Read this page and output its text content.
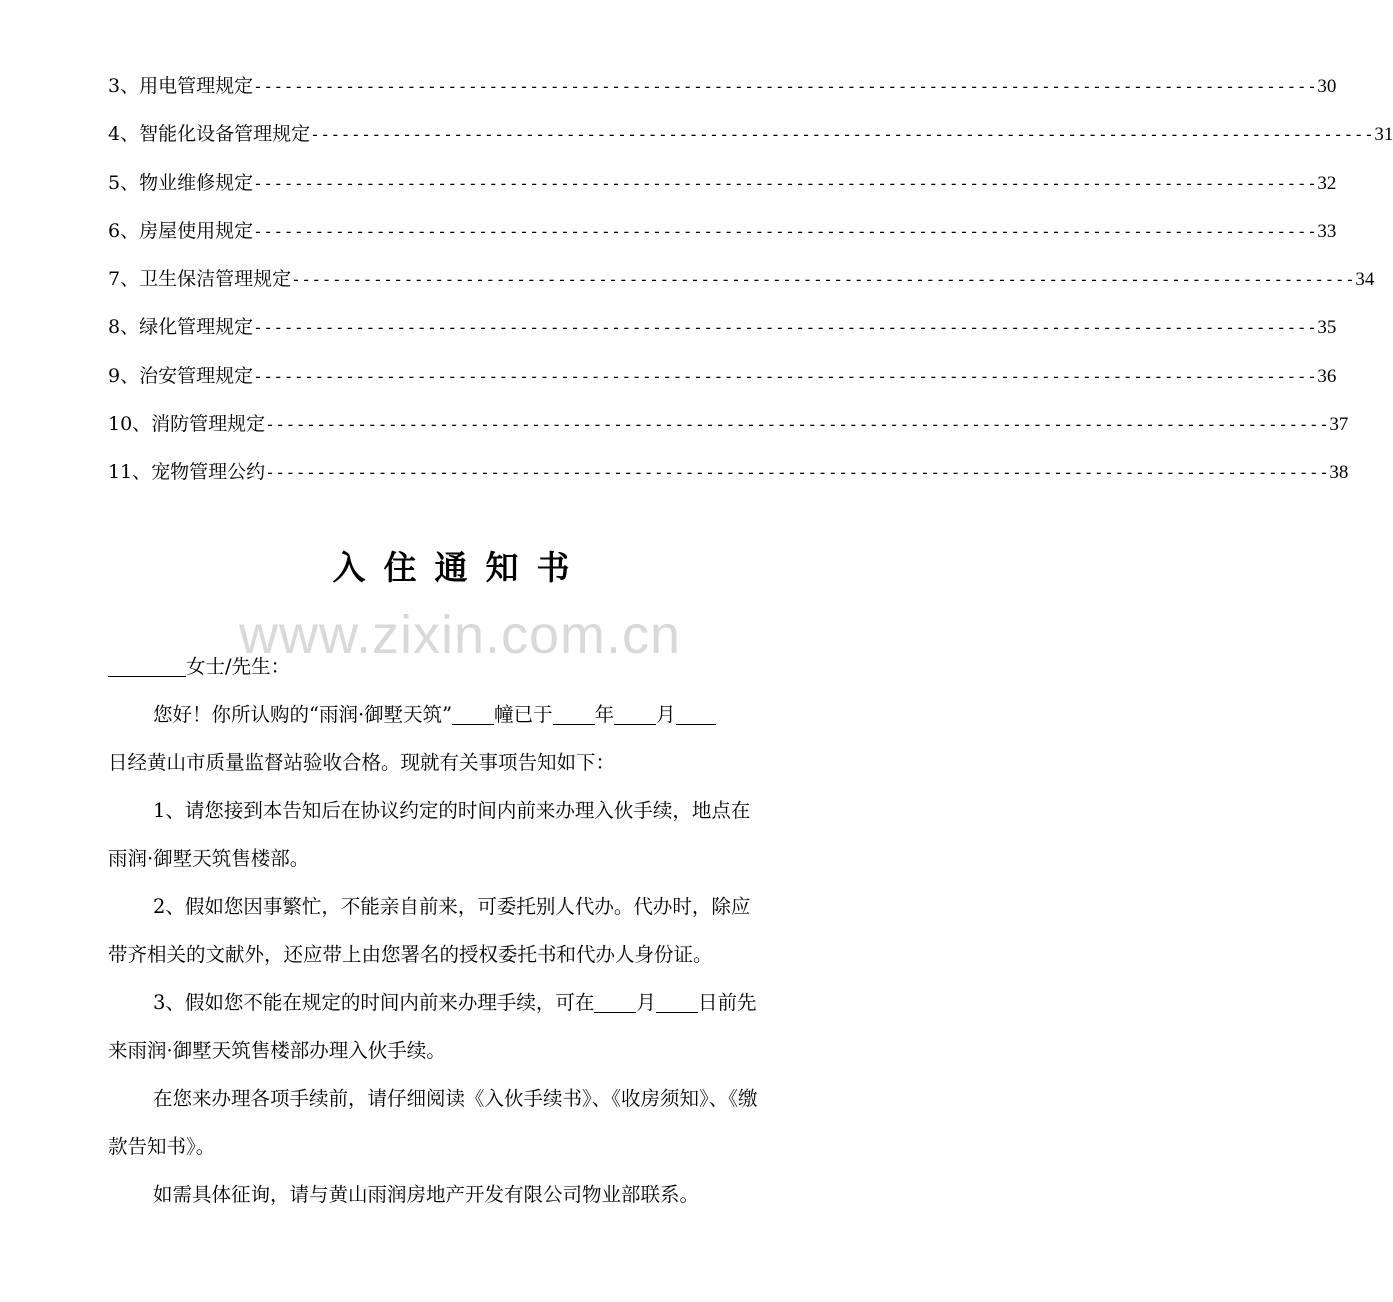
3、用电管理规定 -------------------------------------------------------------------------------------------------------- 30
4、智能化设备管理规定 -------------------------------------------------------------------------------------------------------- 31
5、物业维修规定 -------------------------------------------------------------------------------------------------------- 32
6、房屋使用规定 -------------------------------------------------------------------------------------------------------- 33
7、卫生保洁管理规定 -------------------------------------------------------------------------------------------------------- 34
8、绿化管理规定 -------------------------------------------------------------------------------------------------------- 35
9、治安管理规定 -------------------------------------------------------------------------------------------------------- 36
10、消防管理规定 -------------------------------------------------------------------------------------------------------- 37
11、宠物管理公约 -------------------------------------------------------------------------------------------------------- 38
www.zixin.com.cn
入住通知书
女士/先生：
您好！你所认购的“雨润·御墅天筑” 幢已于 年 月
日经黄山市质量监督站验收合格。现就有关事项告知如下：
1、请您接到本告知后在协议约定的时间内前来办理入伙手续，地点在
雨润·御墅天筑售楼部。
2、假如您因事繁忙，不能亲自前来，可委托别人代办。代办时，除应
带齐相关的文献外，还应带上由您署名的授权委托书和代办人身份证。
3、假如您不能在规定的时间内前来办理手续，可在 月 日前先
来雨润·御墅天筑售楼部办理入伙手续。
在您来办理各项手续前，请仔细阅读《入伙手续书》、《收房须知》、《缴
款告知书》。
如需具体征询，请与黄山雨润房地产开发有限公司物业部联系。
